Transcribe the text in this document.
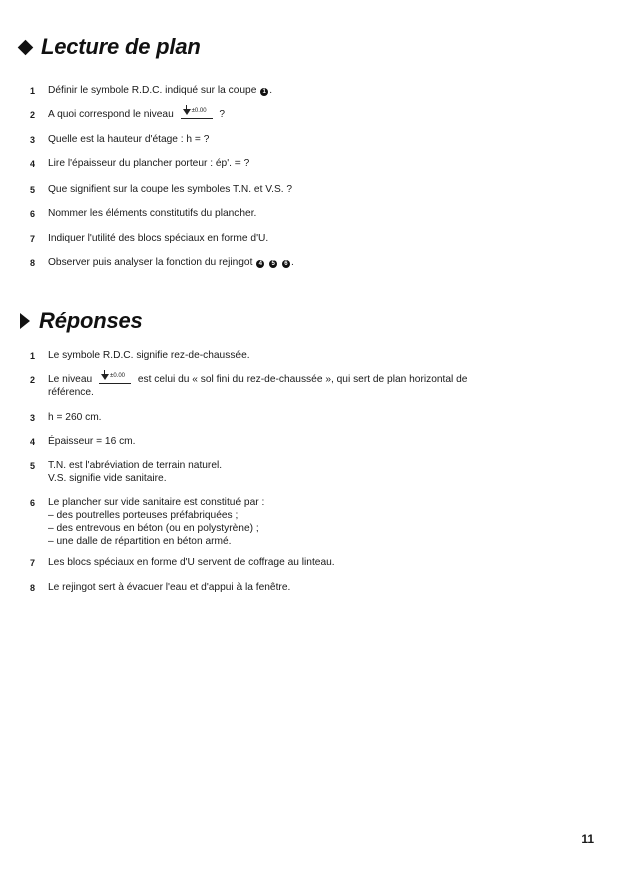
Lecture de plan
1	Définir le symbole R.D.C. indiqué sur la coupe 1 .
2	A quoi correspond le niveau	±0.00 ?
3	Quelle est la hauteur d'étage : h = ?
4	Lire l'épaisseur du plancher porteur : ép'. = ?
5	Que signifient sur la coupe les symboles T.N. et V.S. ?
6	Nommer les éléments constitutifs du plancher.
7	Indiquer l'utilité des blocs spéciaux en forme d'U.
8	Observer puis analyser la fonction du rejingot 4 5 6 .
Réponses
1	Le symbole R.D.C. signifie rez-de-chaussée.
2	Le niveau	±0.00 est celui du « sol fini du rez-de-chaussée », qui sert de plan horizontal de
référence.
3	h = 260 cm.
4	Épaisseur = 16 cm.
5	T.N. est l'abréviation de terrain naturel.
V.S. signifie vide sanitaire.
6	Le plancher sur vide sanitaire est constitué par :
– des poutrelles porteuses préfabriquées ;
– des entrevous en béton (ou en polystyrène) ;
– une dalle de répartition en béton armé.
7	Les blocs spéciaux en forme d'U servent de coffrage au linteau.
8	Le rejingot sert à évacuer l'eau et d'appui à la fenêtre.
11
